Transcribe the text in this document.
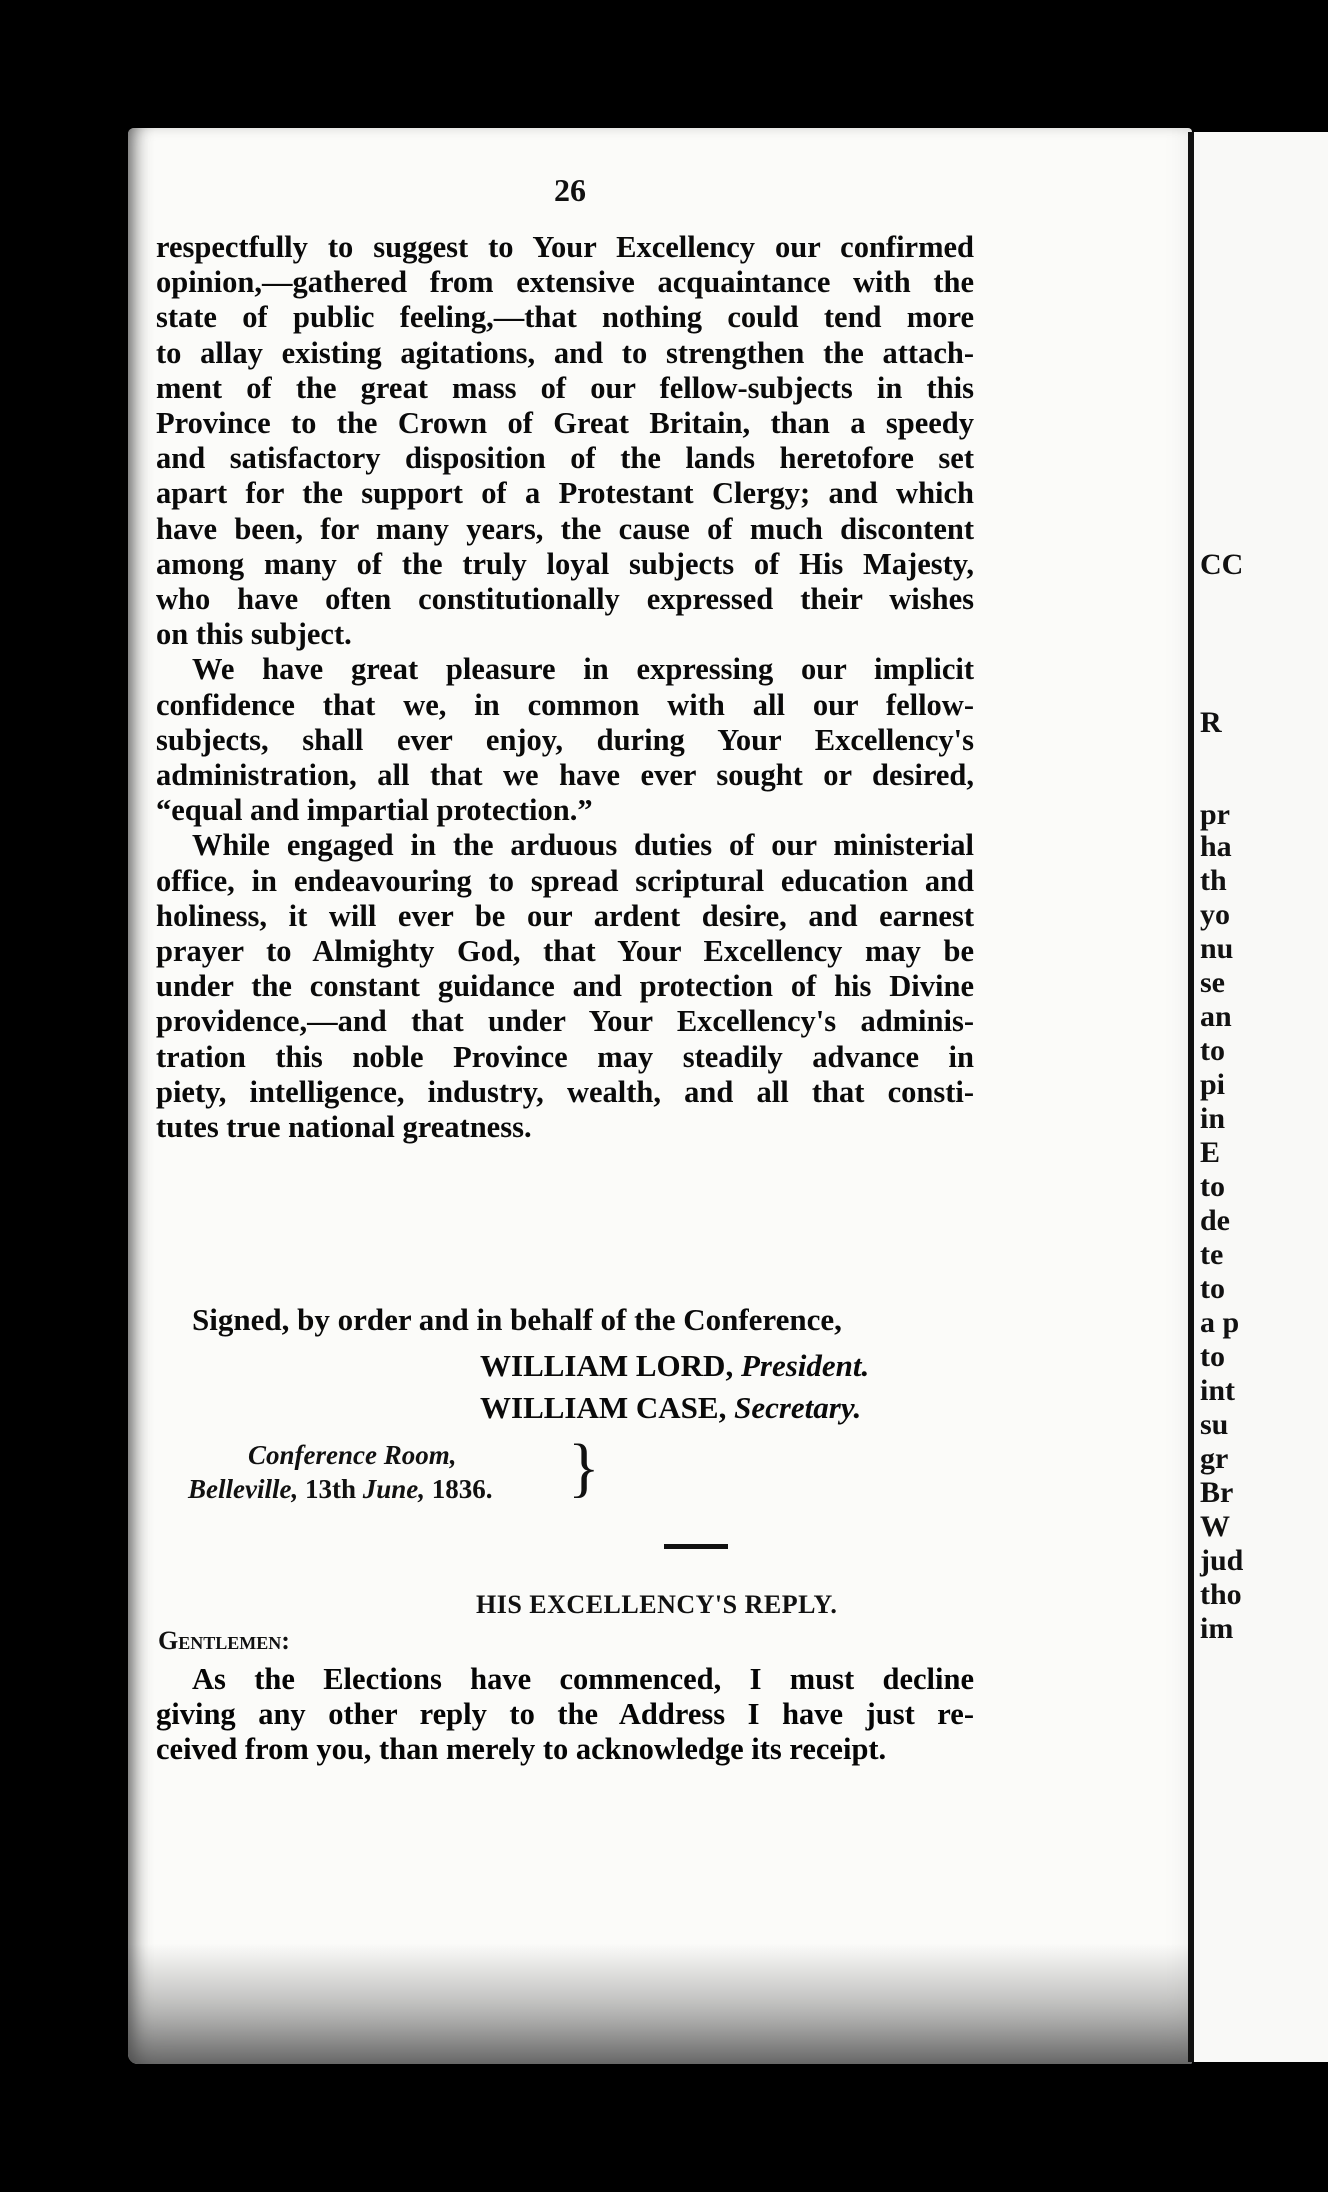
CC
R
pr
ha
th
yo
nu
se
an
to
pi
in
E
to
de
te
to
a p
to
int
su
gr
Br
W
jud
tho
im
26
respectfully to suggest to Your Excellency our confirmed
opinion,—gathered from extensive acquaintance with the
state of public feeling,—that nothing could tend more
to allay existing agitations, and to strengthen the attach-
ment of the great mass of our fellow-subjects in this
Province to the Crown of Great Britain, than a speedy
and satisfactory disposition of the lands heretofore set
apart for the support of a Protestant Clergy; and which
have been, for many years, the cause of much discontent
among many of the truly loyal subjects of His Majesty,
who have often constitutionally expressed their wishes
on this subject.
We have great pleasure in expressing our implicit
confidence that we, in common with all our fellow-
subjects, shall ever enjoy, during Your Excellency's
administration, all that we have ever sought or desired,
“equal and impartial protection.”
While engaged in the arduous duties of our ministerial
office, in endeavouring to spread scriptural education and
holiness, it will ever be our ardent desire, and earnest
prayer to Almighty God, that Your Excellency may be
under the constant guidance and protection of his Divine
providence,—and that under Your Excellency's adminis-
tration this noble Province may steadily advance in
piety, intelligence, industry, wealth, and all that consti-
tutes true national greatness.
Signed, by order and in behalf of the Conference,
WILLIAM LORD, President.
WILLIAM CASE, Secretary.
Conference Room,
Belleville, 13th June, 1836.	}
HIS EXCELLENCY'S REPLY.
Gentlemen:
As the Elections have commenced, I must decline
giving any other reply to the Address I have just re-
ceived from you, than merely to acknowledge its receipt.
